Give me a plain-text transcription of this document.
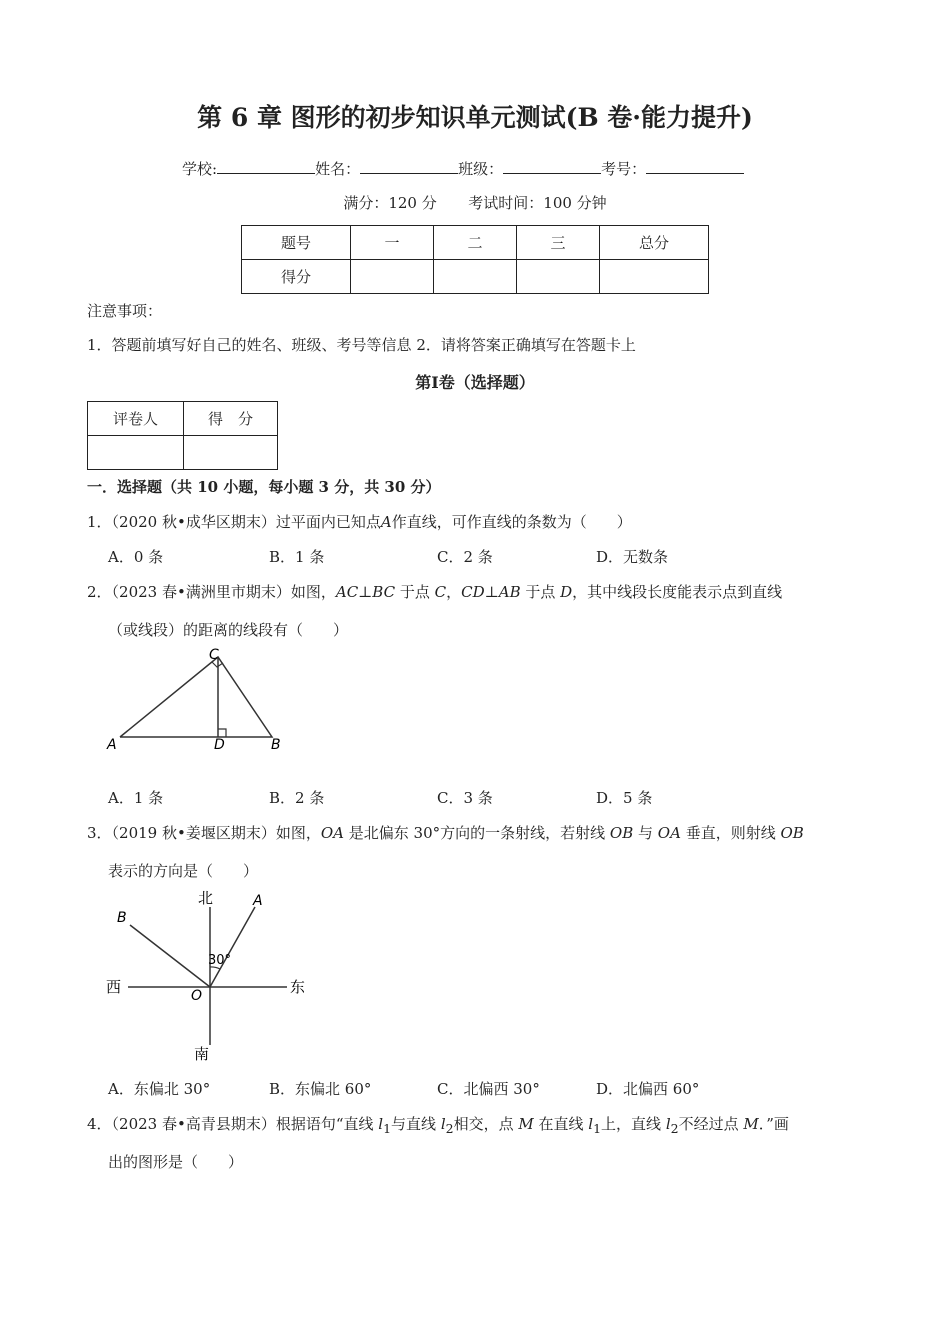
第 6 章 图形的初步知识单元测试(B 卷·能力提升)
学校:	姓名：	班级：	考号：
满分：120 分 考试时间：100 分钟
题号	一	二	三	总分
得分				
注意事项：
1．答题前填写好自己的姓名、班级、考号等信息 2．请将答案正确填写在答题卡上
第Ⅰ卷（选择题）
评卷人	得　分

一．选择题（共 10 小题，每小题 3 分，共 30 分）
1．（2020 秋•成华区期末）过平面内已知点A作直线，可作直线的条数为（　　）
A．0 条	B．1 条	C．2 条	D．无数条
2．（2023 春•满洲里市期末）如图，AC⊥BC 于点 C，CD⊥AB 于点 D，其中线段长度能表示点到直线
（或线段）的距离的线段有（　　）
C
A	D	B
A．1 条	B．2 条	C．3 条	D．5 条
3．（2019 秋•姜堰区期末）如图，OA 是北偏东 30°方向的一条射线，若射线 OB 与 OA 垂直，则射线 OB
表示的方向是（　　）
北
南
西	东
A
B
O
30°
A．东偏北 30°	B．东偏北 60°	C．北偏西 30°	D．北偏西 60°
4．（2023 春•高青县期末）根据语句“直线 $l_1$与直线 $l_2$相交，点 M 在直线 $l_1$上，直线 $l_2$不经过点 M．”画
出的图形是（　　）
